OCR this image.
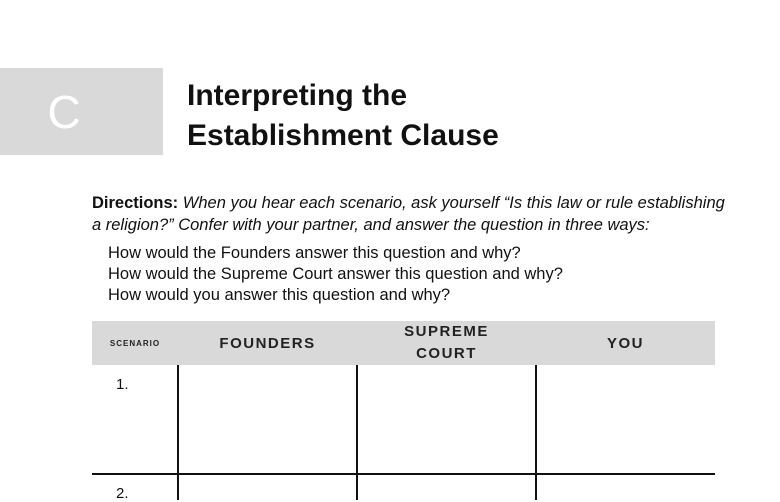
C	Interpreting the
Establishment Clause

Directions: When you hear each scenario, ask yourself “Is this law or rule establishing a religion?” Confer with your partner, and answer the question in three ways:

How would the Founders answer this question and why?
How would the Supreme Court answer this question and why?
How would you answer this question and why?
SCENARIO	FOUNDERS
SUPREME
COURT
YOU
1.
2.
